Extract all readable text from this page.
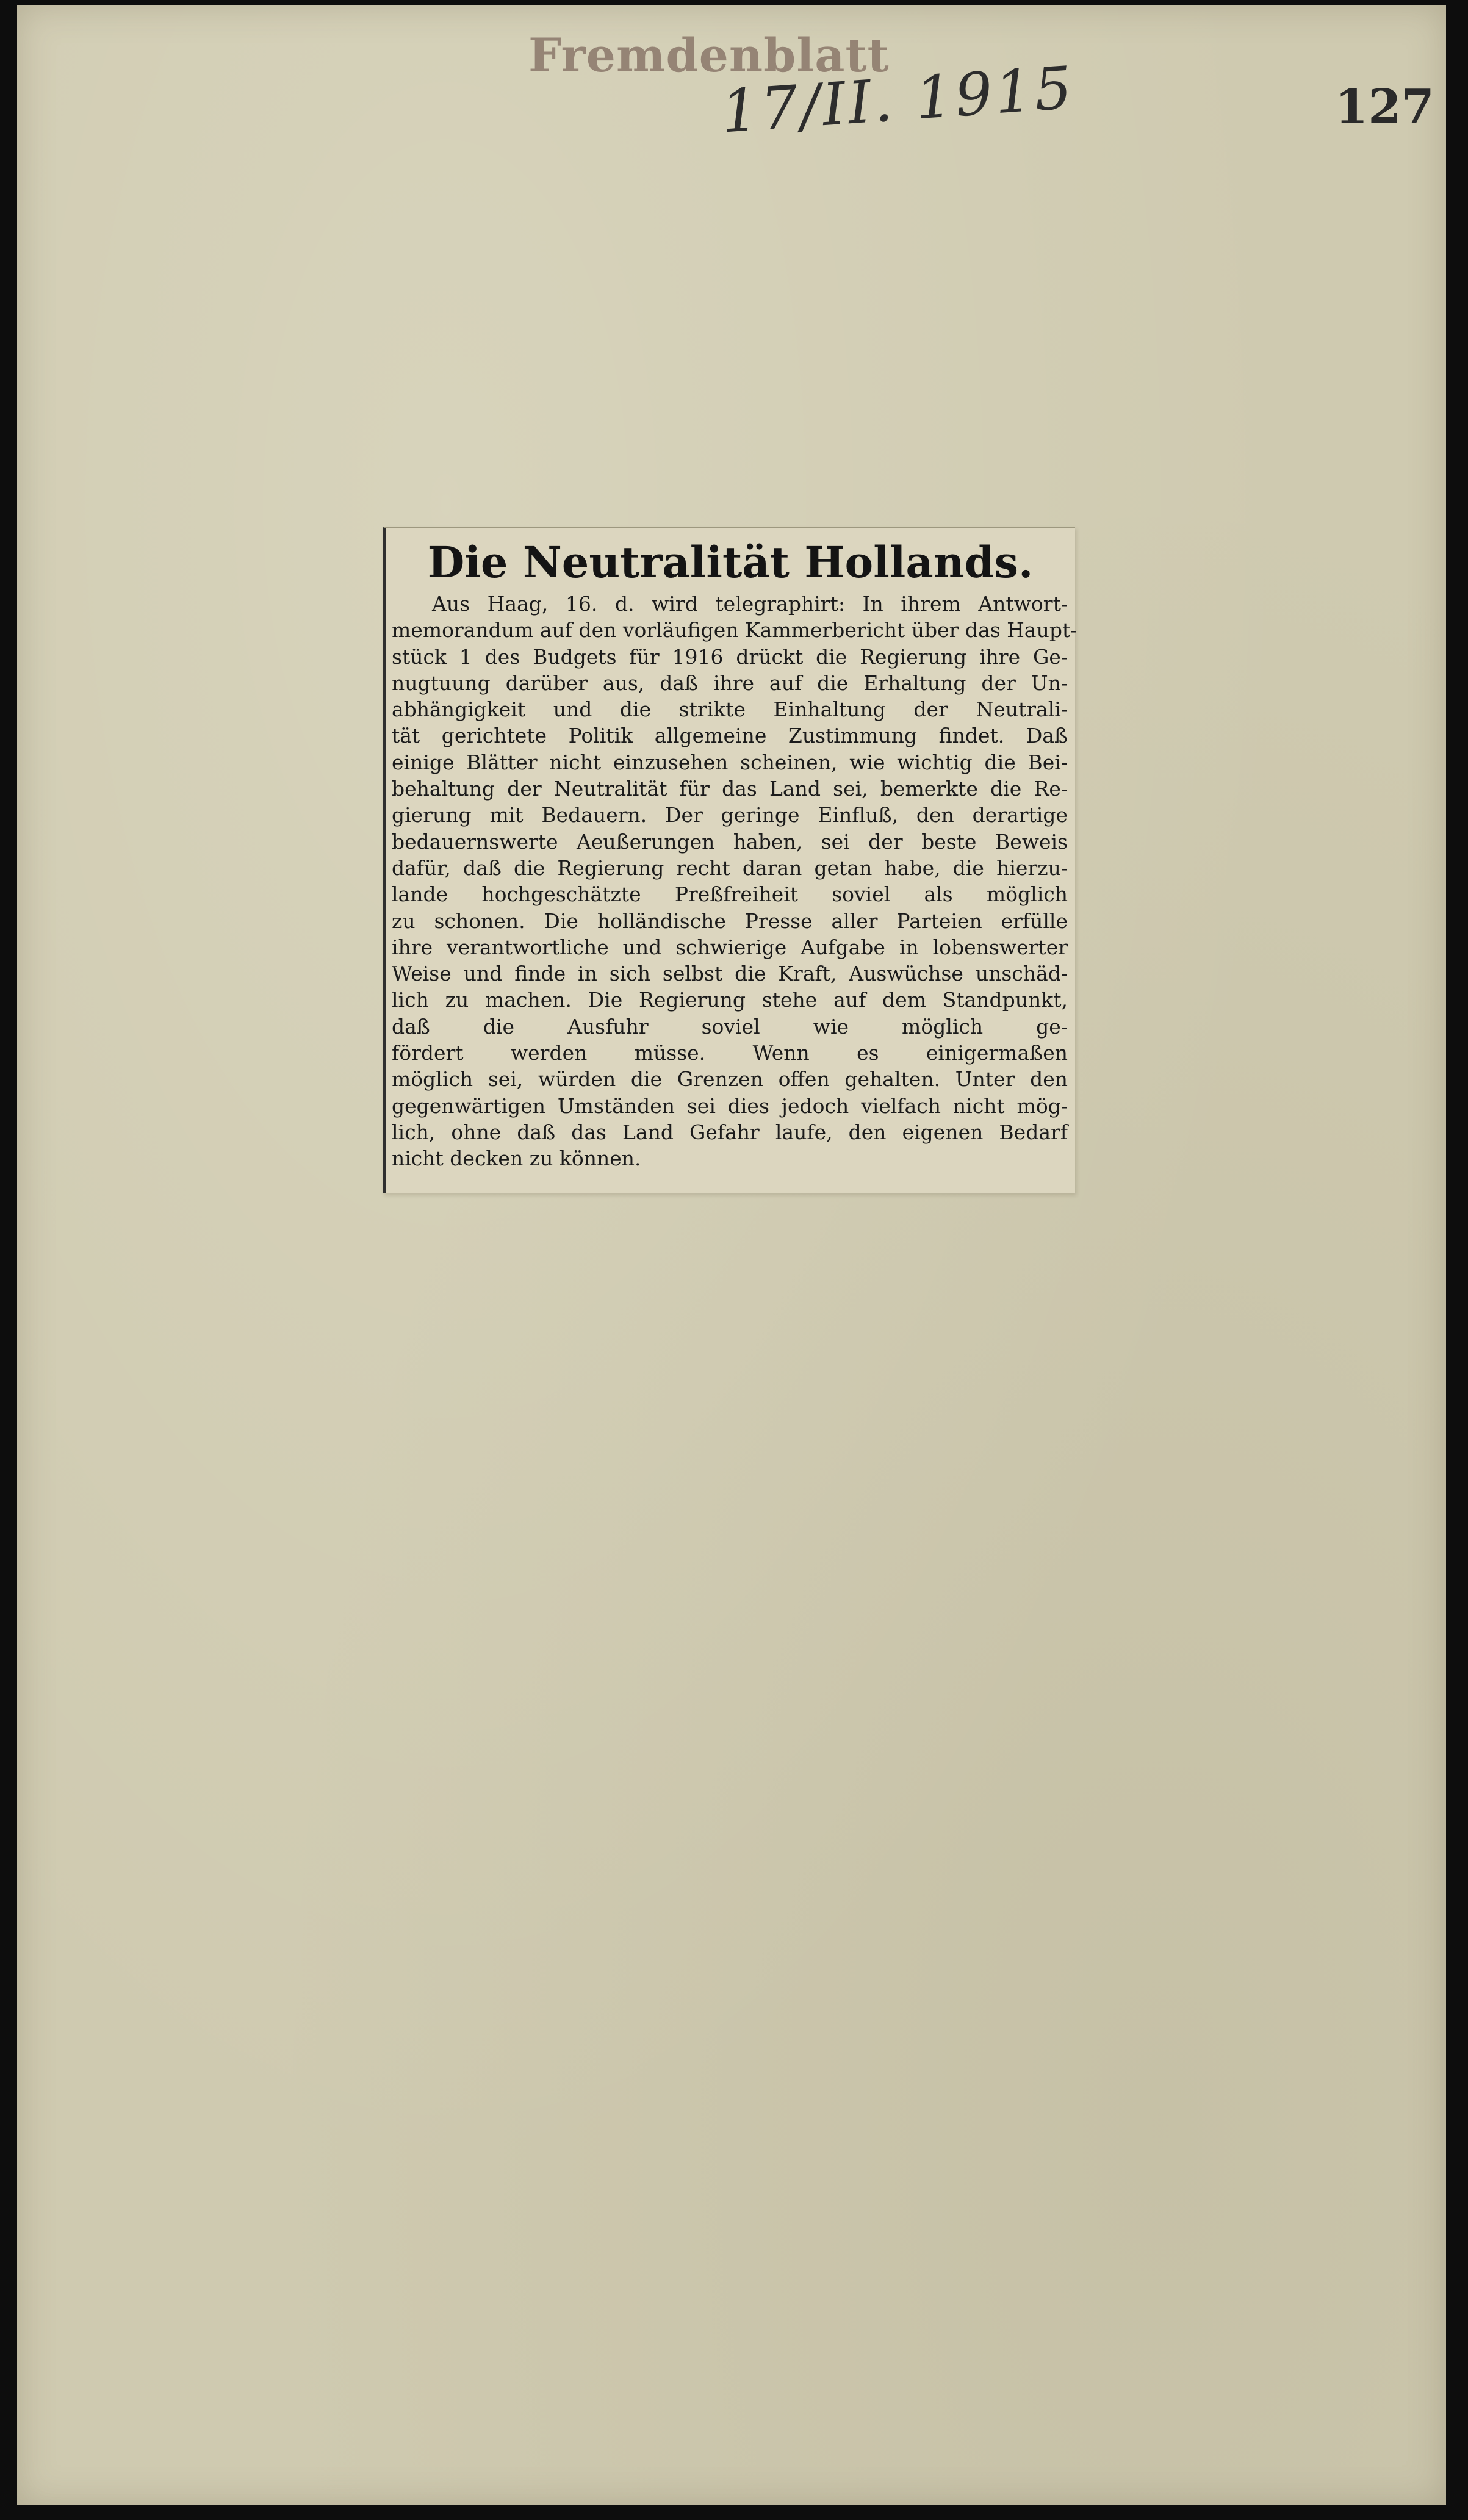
Fremdenblatt
17/II. 1915	127
Die Neutralität Hollands.
Aus Haag, 16. d. wird telegraphirt: In ihrem Antwort-
memorandum auf den vorläufigen Kammerbericht über das Haupt-
stück 1 des Budgets für 1916 drückt die Regierung ihre Ge-
nugtuung darüber aus, daß ihre auf die Erhaltung der Un-
abhängigkeit und die strikte Einhaltung der Neutrali-
tät gerichtete Politik allgemeine Zustimmung findet. Daß
einige Blätter nicht einzusehen scheinen, wie wichtig die Bei-
behaltung der Neutralität für das Land sei, bemerkte die Re-
gierung mit Bedauern. Der geringe Einfluß, den derartige
bedauernswerte Aeußerungen haben, sei der beste Beweis
dafür, daß die Regierung recht daran getan habe, die hierzu-
lande hochgeschätzte Preßfreiheit soviel als möglich
zu schonen. Die holländische Presse aller Parteien erfülle
ihre verantwortliche und schwierige Aufgabe in lobenswerter
Weise und finde in sich selbst die Kraft, Auswüchse unschäd-
lich zu machen. Die Regierung stehe auf dem Standpunkt,
daß die Ausfuhr soviel wie möglich ge-
fördert werden müsse. Wenn es einigermaßen
möglich sei, würden die Grenzen offen gehalten. Unter den
gegenwärtigen Umständen sei dies jedoch vielfach nicht mög-
lich, ohne daß das Land Gefahr laufe, den eigenen Bedarf
nicht decken zu können.
